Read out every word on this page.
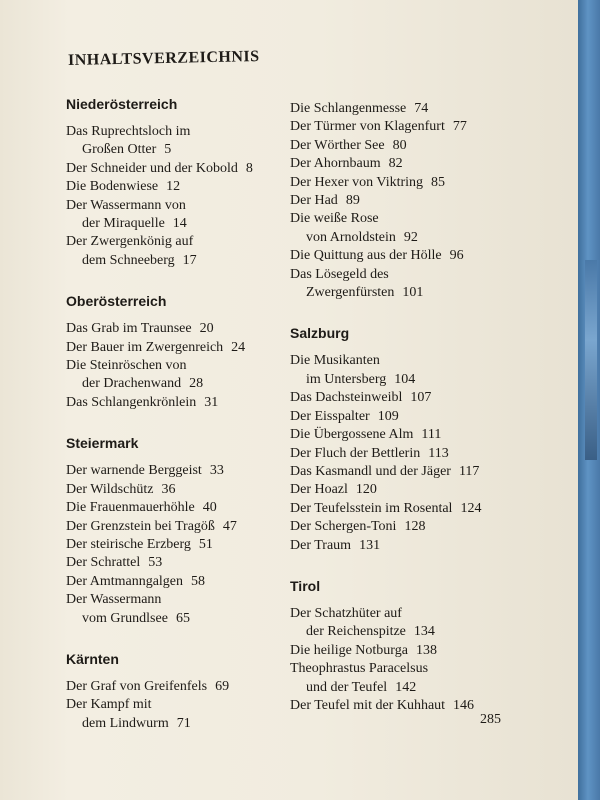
INHALTSVERZEICHNIS
Niederösterreich
Das Ruprechtsloch im
Großen Otter 5
Der Schneider und der Kobold 8
Die Bodenwiese 12
Der Wassermann von
der Miraquelle 14
Der Zwergenkönig auf
dem Schneeberg 17
Oberösterreich
Das Grab im Traunsee 20
Der Bauer im Zwergenreich 24
Die Steinröschen von
der Drachenwand 28
Das Schlangenkrönlein 31
Steiermark
Der warnende Berggeist 33
Der Wildschütz 36
Die Frauenmauerhöhle 40
Der Grenzstein bei Tragöß 47
Der steirische Erzberg 51
Der Schrattel 53
Der Amtmanngalgen 58
Der Wassermann
vom Grundlsee 65
Kärnten
Der Graf von Greifenfels 69
Der Kampf mit
dem Lindwurm 71
Die Schlangenmesse 74
Der Türmer von Klagenfurt 77
Der Wörther See 80
Der Ahornbaum 82
Der Hexer von Viktring 85
Der Had 89
Die weiße Rose
von Arnoldstein 92
Die Quittung aus der Hölle 96
Das Lösegeld des
Zwergenfürsten 101
Salzburg
Die Musikanten
im Untersberg 104
Das Dachsteinweibl 107
Der Eisspalter 109
Die Übergossene Alm 111
Der Fluch der Bettlerin 113
Das Kasmandl und der Jäger 117
Der Hoazl 120
Der Teufelsstein im Rosental 124
Der Schergen-Toni 128
Der Traum 131
Tirol
Der Schatzhüter auf
der Reichenspitze 134
Die heilige Notburga 138
Theophrastus Paracelsus
und der Teufel 142
Der Teufel mit der Kuhhaut 146
285
